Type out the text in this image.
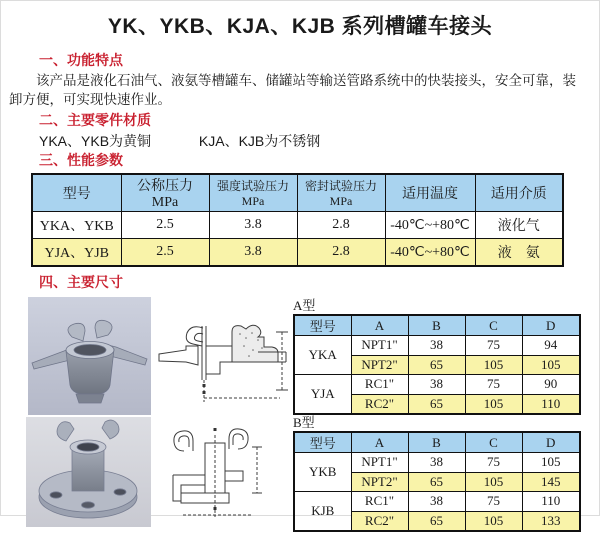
YK、YKB、KJA、KJB 系列槽罐车接头
一、功能特点

该产品是液化石油气、液氨等槽罐车、储罐站等输送管路系统中的快装接头，安全可靠，装卸方便，可实现快速作业。

二、主要零件材质
YKA、YKB为黄铜	KJA、KJB为不锈钢
三、性能参数
型号	公称压力 MPa	强度试验压力MPa	密封试验压力MPa	适用温度	适用介质
YKA、YKB	2.5	3.8	2.8	-40℃~+80℃	液化气
YJA、YJB	2.5	3.8	2.8	-40℃~+80℃	液　氨
四、主要尺寸
A型
型号	A	B	C	D
YKA	NPT1"	38	75	94
	NPT2"	65	105	105
YJA	RC1"	38	75	90
	RC2"	65	105	110
B型
型号	A	B	C	D
YKB	NPT1"	38	75	105
	NPT2"	65	105	145
KJB	RC1"	38	75	110
	RC2"	65	105	133
